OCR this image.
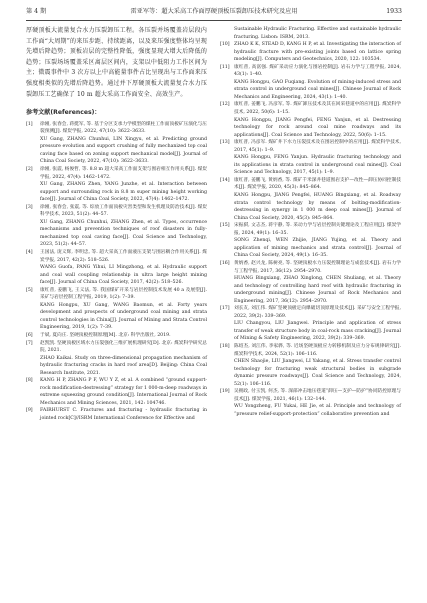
第 4 期	雷亚军等：超大采高工作面厚硬顶板压裂卸压技术研究及应用	1933

厚硬顶板大流量复合水力压裂卸压工程。各压裂并场覆盖岩层段内工作面“大周期”的来压步距、持续距离，以及来压强度整体均呈现先增后降趋势；顶板岩层的完整性降低，强度显现大增大后降低的趋势；压裂场场覆盖采区离层区间内，支架以中低阻力工作区间为主；微震事件中 3 次方以上中高能量事件占比呈现出与工作面来压强度相类似的先增后降趋势。通过并下厚硬顶板大流量复合水力压裂卸压工艺确保了 10 m 超大采高工作面安全、高效生产。

参考文献(References)：
[1]	徐刚, 张春会, 蒋挺军, 等. 基于分区支承力学模型的煤柱工作面顶板矿压演化与压裂预测[J]. 煤炭学报, 2022, 47(10): 3622–3633.
XU Gang, ZHANG Chunhui, LIN Xingyu, et al. Predicting ground pressure evolution and support crushing of fully mechanized top coal caving face based on zoning support mechanical model[J]. Journal of China Coal Society, 2022, 47(10): 3622–3633.
[2]	徐刚, 张震, 杨俊哲, 等. 8.8 m 超大采高工作面支架与围岩相互作用关系[J]. 煤炭学报, 2022, 47(4): 1462–1472.
XU Gang, ZHANG Zhen, YANG Junzhe, et al. Interaction between support and surrounding rock in 8.8 m super mining height working face[J]. Journal of China Coal Society, 2022, 47(4): 1462–1472.
[3]	徐刚, 张春会, 张震, 等. 综放工作面顶板灾害类型和发生机理及防治技术[J]. 煤炭科学技术, 2023, 51(2): 44–57.
XU Gang, ZHANG Chunhui, ZHANG Zhen, et al. Types, occurrence mechanisms and prevention techniques of roof disasters in fully-mechanized top coal caving face[J]. Coal Science and Technology, 2023, 51(2): 44–57.
[4]	王国法, 庞义辉, 李明忠, 等. 超大采高工作面液压支架与围岩耦合作用关系[J]. 煤炭学报, 2017, 42(2): 518–526.
WANG Guofa, PANG Yihui, LI Mingzhong, et al. Hydraulic support and coal wall coupling relationship in ultra large height mining face[J]. Journal of China Coal Society, 2017, 42(2): 518–526.
[5]	康红普, 姜鹏飞, 王义法, 等. 我国煤矿开采与岩层控制技术发展 40 a 及展望[J]. 采矿与岩层控制工程学报, 2019, 1(2): 7–39.
KANG Hongpu, XU Gang, WANG Baomun, et al. Forty years development and prospects of underground coal mining and strata control technologies in China[J]. Journal of Mining and Strata Control Engineering, 2019, 1(2): 7–39.
[6]	于斌, 夏向庄. 坚硬顶板控制原理[M]. 北京: 科学出版社, 2019.
[7]	赵凯凯. 坚硬顶板区域水力压裂强化三维扩展机理研究[D]. 北京: 煤炭科学研究总院, 2021.
ZHAO Kaikai. Study on three-dimensional propagation mechanism of hydraulic fracturing cracks in hard roof area[D]. Beijing: China Coal Research Institute, 2021.
[8]	KANG H P, ZHANG P F, WU Y Z, et al. A combined “ground support-rock modification-destressing” strategy for 1 000-m-deep roadways in extreme squeezing ground condition[J]. International Journal of Rock Mechanics and Mining Sciences, 2021, 142: 104746.
[9]	FAIRHURST C. Fractures and fracturing - hydraulic fracturing in jointed rock[C]//ISRM International Conference for Effective and

Sustainable Hydraulic Fracturing. Effective and sustainable hydraulic fracturing. Lisbon: ISRM, 2013.

[10] ZHAO K K, STEAD D, KANG H P, et al. Investigating the interaction of hydraulic fracture with pre-existing joints based on lattice spring modeling[J]. Computers and Geotechnics, 2020, 122: 103534.
[11] 康红普, 高富强. 煤矿采动应力演化与围岩控制[J]. 岩石力学与工程学报, 2024, 43(1): 1–40.
KANG Hongpu, GAO Fuqiang. Evolution of mining-induced stress and strata control in underground coal mines[J]. Chinese Journal of Rock Mechanics and Engineering, 2024, 43(1): 1–40.
[12] 康红普, 姜鹏飞, 冯彦军, 等. 煤矿卸压技术及其在回采巷道中的应用[J]. 煤炭科学技术, 2022, 50(6): 1–15.
KANG Hongpu, JIANG Pengfei, FENG Yanjun, et al. Destressing technology for rock around coal mine roadways and its applications[J]. Coal Science and Technology, 2022, 50(6): 1–15.
[13] 康红普, 冯彦军. 煤矿井下水力压裂技术及在围岩控制中的应用[J]. 煤炭科学技术, 2017, 45(1): 1–9.
KANG Hongpu, FENG Yanjun. Hydraulic fracturing technology and its applications in strata control in underground coal mines[J]. Coal Science and Technology, 2017, 45(1): 1–9.
[14] 康红普, 姜鹏飞, 黄炳香, 等. 煤矿千米深井巷道围岩支护—改性—卸压协同控制技术[J]. 煤炭学报, 2020, 45(3): 845–864.
KANG Hongpu, JIANG Pengfei, HUANG Bingxiang, et al. Roadway strata control technology by means of bolting-modification-destressing in synergy in 1 000 m deep coal mines[J]. Journal of China Coal Society, 2020, 45(3): 845–864.
[15] 宋振骐, 文志杰, 蒋宇静, 等. 采动力学与岩层控制关键理论及工程应用[J]. 煤炭学报, 2024, 49(1): 16–35.
SONG Zhenqi, WEN Zhijie, JIANG Yujing, et al. Theory and application of mining mechanics and strata control[J]. Journal of China Coal Society, 2024, 49(1): 16–35.
[16] 黄炳香, 赵兴龙, 陈树亮, 等. 坚硬顶板水力压裂控制理论与成套技术[J]. 岩石力学与工程学报, 2017, 36(12): 2954–2970.
HUANG Bingxiang, ZHAO Xinglong, CHEN Shuliang, et al. Theory and technology of controlling hard roof with hydraulic fracturing in underground mining[J]. Chinese Journal of Rock Mechanics and Engineering, 2017, 36(12): 2954–2970.
[17] 刘长友, 刘江伟. 煤矿坚硬顶板定向爆破切顶原理及技术[J]. 采矿与安全工程学报, 2022, 39(2): 339–369.
LIU Changyou, LIU Jiangwei. Principle and application of stress transfer of weak structure body in coal-rock mass cracking[J]. Journal of Mining & Safety Engineering, 2022, 39(2): 339–369.
[18] 陈绍杰, 刘江伟, 李家骅, 等. 近场坚硬顶板应力转移机制及应力分布规律研究[J]. 煤炭科学技术, 2024, 52(1): 106–116.
CHEN Shaojie, LIU Jiangwei, LI Yakang, et al. Stress transfer control technology for fracturing weak structural bodies in subgrade dynamic pressure roadways[J]. Coal Science and Technology, 2024, 52(1): 106–116.
[19] 吴拥政, 付玉凯, 何杰, 等. 深部冲击地压巷道“卸压—支护—防护”协同防控原理与技术[J]. 煤炭学报, 2021, 46(1): 132–144.
WU Yongzheng, FU Yukai, HE Jie, et al. Principle and technology of “pressure relief-support-protection” collaborative prevention and
